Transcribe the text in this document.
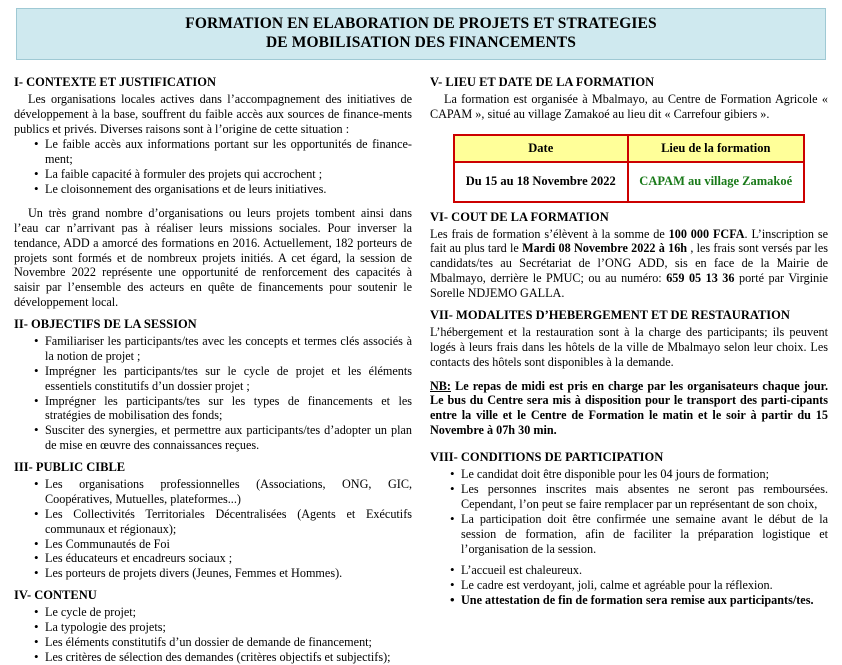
FORMATION EN ELABORATION DE PROJETS ET STRATEGIES
DE MOBILISATION DES FINANCEMENTS
I- CONTEXTE ET JUSTIFICATION

Les organisations locales actives dans l’accompagnement des initiatives de développement à la base, souffrent du faible accès aux sources de finance-ments publics et privés. Diverses raisons sont à l’origine de cette situation :

• Le faible accès aux informations portant sur les opportunités de finance-ment;
• La faible capacité à formuler des projets qui accrochent ;
• Le cloisonnement des organisations et de leurs initiatives.

Un très grand nombre d’organisations ou leurs projets tombent ainsi dans l’eau car n’arrivant pas à réaliser leurs missions sociales. Pour inverser la tendance, ADD a amorcé des formations en 2016. Actuellement, 182 porteurs de projets sont formés et de nombreux projets initiés. A cet égard, la session de Novembre 2022 représente une opportunité de renforcement des capacités à saisir par l’ensemble des acteurs en quête de financements pour soutenir le développement local.

II- OBJECTIFS DE LA SESSION
• Familiariser les participants/tes avec les concepts et termes clés associés à la notion de projet ;
• Imprégner les participants/tes sur le cycle de projet et les éléments essentiels constitutifs d’un dossier projet ;
• Imprégner les participants/tes sur les types de financements et les stratégies de mobilisation des fonds;
• Susciter des synergies, et permettre aux participants/tes d’adopter un plan de mise en œuvre des connaissances reçues.
III- PUBLIC CIBLE
• Les organisations professionnelles (Associations, ONG, GIC, Coopératives, Mutuelles, plateformes...)
• Les Collectivités Territoriales Décentralisées (Agents et Exécutifs communaux et régionaux);
• Les Communautés de Foi
• Les éducateurs et encadreurs sociaux ;
• Les porteurs de projets divers (Jeunes, Femmes et Hommes).
IV- CONTENU
• Le cycle de projet;
• La typologie des projets;
• Les éléments constitutifs d’un dossier de demande de financement;
• Les critères de sélection des demandes (critères objectifs et subjectifs);
V- LIEU ET DATE DE LA FORMATION

La formation est organisée à Mbalmayo, au Centre de Formation Agricole « CAPAM », situé au village Zamakoé au lieu dit « Carrefour gibiers ».

Date	Lieu de la formation
Du 15 au 18 Novembre 2022	CAPAM au village Zamakoé
VI- COUT DE LA FORMATION

Les frais de formation s’élèvent à la somme de 100 000 FCFA. L’inscription se fait au plus tard le Mardi 08 Novembre 2022 à 16h , les frais sont versés par les candidats/tes au Secrétariat de l’ONG ADD, sis en face de la Mairie de Mbalmayo, derrière le PMUC; ou au numéro: 659 05 13 36 porté par Virginie Sorelle NDJEMO GALLA.

VII- MODALITES D’HEBERGEMENT ET DE RESTAURATION

L’hébergement et la restauration sont à la charge des participants; ils peuvent logés à leurs frais dans les hôtels de la ville de Mbalmayo selon leur choix. Les contacts des hôtels sont disponibles à la demande.

NB: Le repas de midi est pris en charge par les organisateurs chaque jour. Le bus du Centre sera mis à disposition pour le transport des parti-cipants entre la ville et le Centre de Formation le matin et le soir à partir du 15 Novembre à 07h 30 min.

VIII- CONDITIONS DE PARTICIPATION
• Le candidat doit être disponible pour les 04 jours de formation;
• Les personnes inscrites mais absentes ne seront pas remboursées. Cependant, l’on peut se faire remplacer par un représentant de son choix,
• La participation doit être confirmée une semaine avant le début de la session de formation, afin de faciliter la préparation logistique et l’organisation de la session.
• L’accueil est chaleureux.
• Le cadre est verdoyant, joli, calme et agréable pour la réflexion.
• Une attestation de fin de formation sera remise aux participants/tes.
